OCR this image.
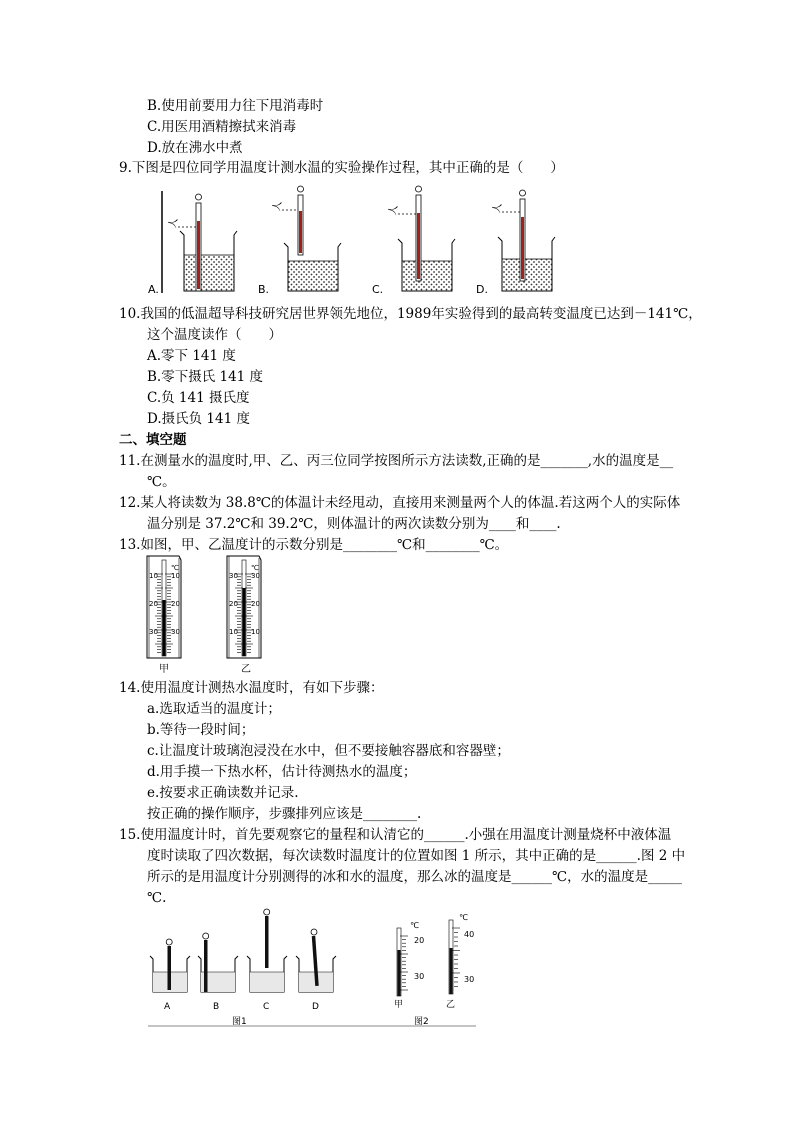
B.使用前要用力往下甩消毒时
C.用医用酒精擦拭来消毒
D.放在沸水中煮
9.下图是四位同学用温度计测水温的实验操作过程，其中正确的是（　　）
人
A.
人
B.
人
C.
人
D.
10.我国的低温超导科技研究居世界领先地位，1989年实验得到的最高转变温度已达到－141℃，
这个温度读作（　　）
A.零下 141 度
B.零下摄氏 141 度
C.负 141 摄氏度
D.摄氏负 141 度
二、填空题
11.在测量水的温度时,甲、乙、丙三位同学按图所示方法读数,正确的是_______,水的温度是__
℃。
12.某人将读数为 38.8℃的体温计未经甩动，直接用来测量两个人的体温.若这两个人的实际体
温分别是 37.2℃和 39.2℃，则体温计的两次读数分别为____和____.
13.如图，甲、乙温度计的示数分别是________℃和________℃。
℃
10
20
30
10
20
30
甲
℃
30
20
10
30
20
10
乙
14.使用温度计测热水温度时，有如下步骤：
a.选取适当的温度计；
b.等待一段时间；
c.让温度计玻璃泡浸没在水中，但不要接触容器底和容器壁；
d.用手摸一下热水杯，估计待测热水的温度；
e.按要求正确读数并记录.
按正确的操作顺序，步骤排列应该是________.
15.使用温度计时，首先要观察它的量程和认清它的______.小强在用温度计测量烧杯中液体温
度时读取了四次数据，每次读数时温度计的位置如图 1 所示，其中正确的是______.图 2 中
所示的是用温度计分别测得的冰和水的温度，那么冰的温度是______℃，水的温度是_____
℃.
A	B	C	D
图1
℃
20
30
甲
℃
40
30
乙
图2
